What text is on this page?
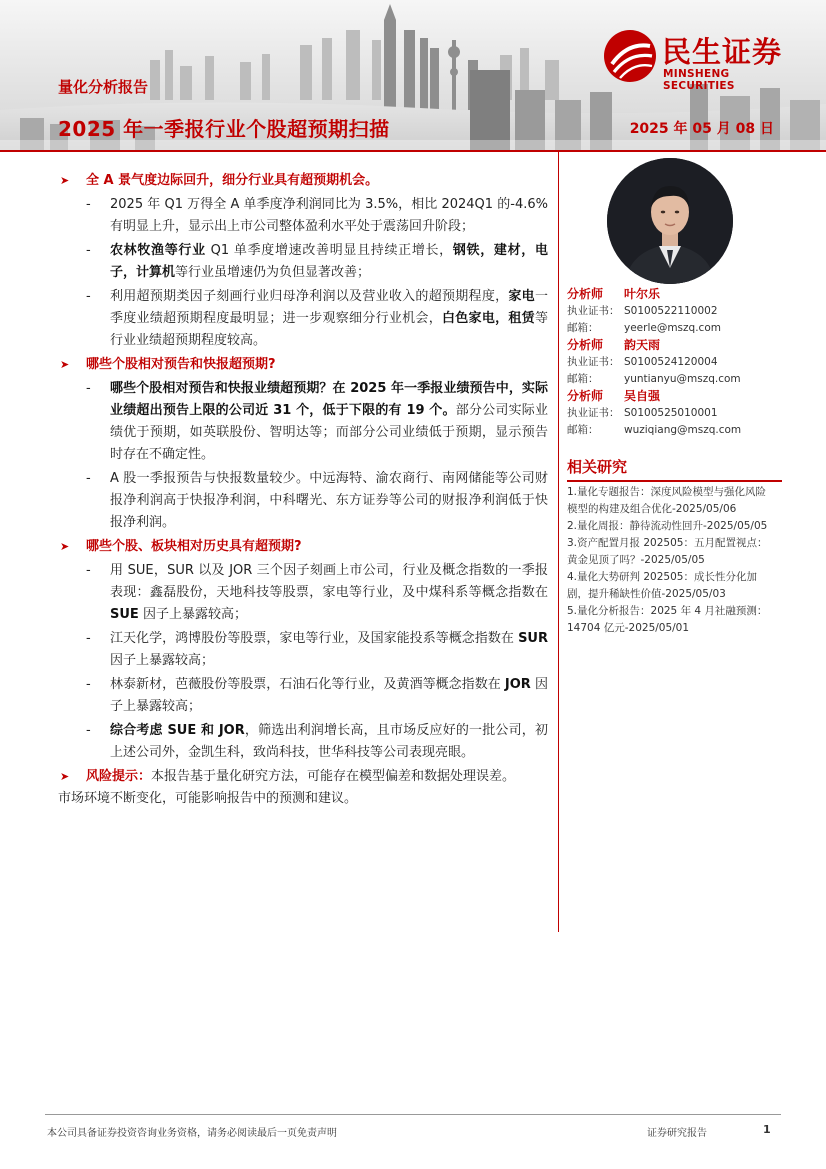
量化分析报告
2025 年一季报行业个股超预期扫描	2025 年 05 月 08 日
民生证券
MINSHENG SECURITIES
➤ 全 A 景气度边际回升，细分行业具有超预期机会。
- 2025 年 Q1 万得全 A 单季度净利润同比为 3.5%，相比 2024Q1 的-4.6%有明显上升，显示出上市公司整体盈利水平处于震荡回升阶段；
- 农林牧渔等行业 Q1 单季度增速改善明显且持续正增长，钢铁，建材，电子，计算机等行业虽增速仍为负但显著改善；
- 利用超预期类因子刻画行业归母净利润以及营业收入的超预期程度，家电一季度业绩超预期程度最明显；进一步观察细分行业机会，白色家电，租赁等行业业绩超预期程度较高。
➤ 哪些个股相对预告和快报超预期?
- 哪些个股相对预告和快报业绩超预期？在 2025 年一季报业绩预告中，实际业绩超出预告上限的公司近 31 个，低于下限的有 19 个。部分公司实际业绩优于预期，如英联股份、智明达等；而部分公司业绩低于预期，显示预告时存在不确定性。
- A 股一季报预告与快报数量较少。中远海特、渝农商行、南网储能等公司财报净利润高于快报净利润，中科曙光、东方证券等公司的财报净利润低于快报净利润。
➤ 哪些个股、板块相对历史具有超预期?
- 用 SUE，SUR 以及 JOR 三个因子刻画上市公司，行业及概念指数的一季报表现：鑫磊股份，天地科技等股票，家电等行业，及中煤科系等概念指数在 SUE 因子上暴露较高；
- 江天化学，鸿博股份等股票，家电等行业，及国家能投系等概念指数在 SUR 因子上暴露较高；
- 林泰新材，芭薇股份等股票，石油石化等行业，及黄酒等概念指数在 JOR 因子上暴露较高；
- 综合考虑 SUE 和 JOR，筛选出利润增长高，且市场反应好的一批公司，初上述公司外，金凯生科，致尚科技，世华科技等公司表现亮眼。
➤ 风险提示：本报告基于量化研究方法，可能存在模型偏差和数据处理误差。
市场环境不断变化，可能影响报告中的预测和建议。
分析师 叶尔乐
执业证书： S0100522110002
邮箱： yeerle@mszq.com
分析师 韵天雨
执业证书： S0100524120004
邮箱： yuntianyu@mszq.com
分析师 吴自强
执业证书： S0100525010001
邮箱： wuziqiang@mszq.com
相关研究
1.量化专题报告：深度风险模型与强化风险模型的构建及组合优化-2025/05/06
2.量化周报：静待流动性回升-2025/05/05
3.资产配置月报 202505：五月配置视点：黄金见顶了吗？-2025/05/05
4.量化大势研判 202505：成长性分化加剧，提升稀缺性价值-2025/05/03
5.量化分析报告：2025 年 4 月社融预测：14704 亿元-2025/05/01
本公司具备证券投资咨询业务资格，请务必阅读最后一页免责声明	证券研究报告	1
